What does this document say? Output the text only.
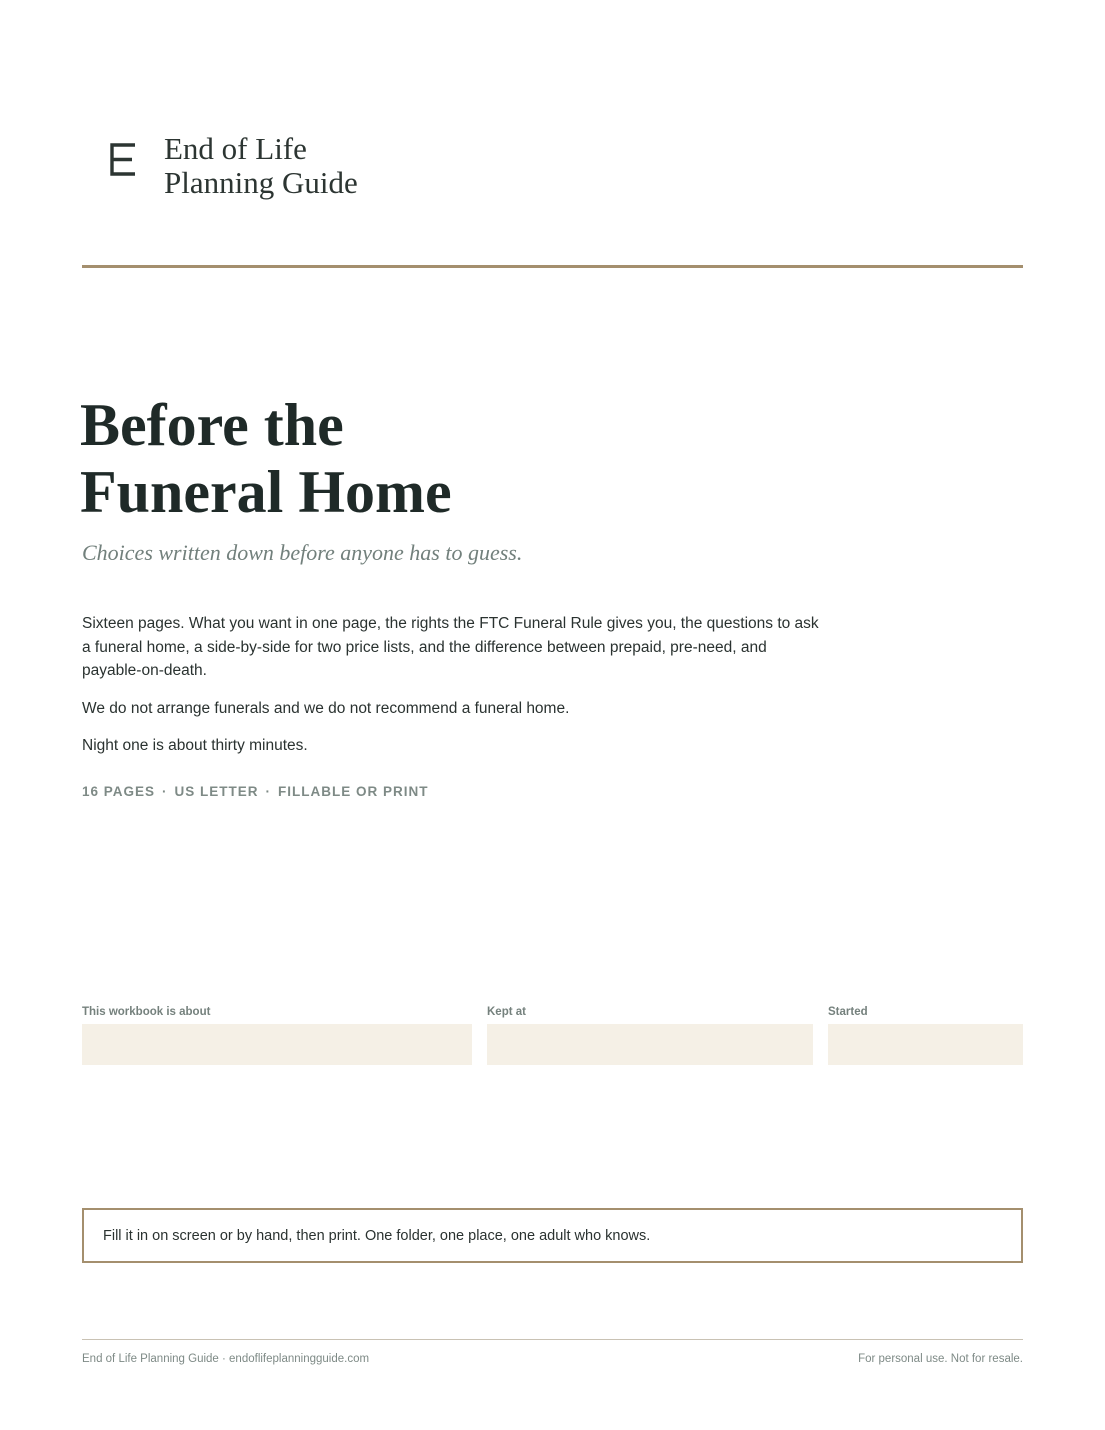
End of Life
Planning Guide
Before the
Funeral Home

Choices written down before anyone has to guess.

Sixteen pages. What you want in one page, the rights the FTC Funeral Rule gives you, the questions to ask a funeral home, a side-by-side for two price lists, and the difference between prepaid, pre-need, and payable-on-death.

We do not arrange funerals and we do not recommend a funeral home.

Night one is about thirty minutes.

16 PAGES · US LETTER · FILLABLE OR PRINT
This workbook is about	Kept at	Started
Fill it in on screen or by hand, then print. One folder, one place, one adult who knows.
End of Life Planning Guide · endoflifeplanningguide.com	For personal use. Not for resale.
